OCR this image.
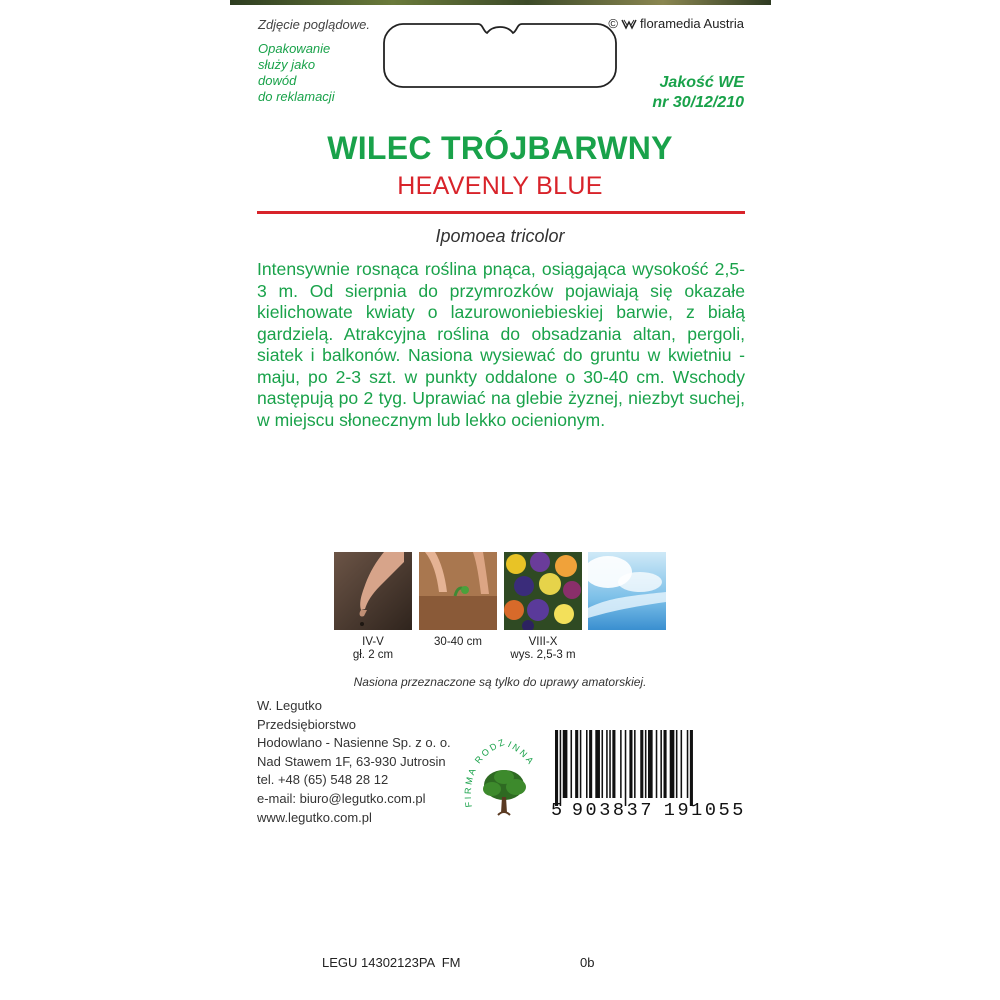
Zdjęcie poglądowe.	© floramedia Austria
Opakowanie
służy jako
dowód
do reklamacji
Jakość WE
nr 30/12/210
WILEC TRÓJBARWNY
HEAVENLY BLUE
Ipomoea tricolor
Intensywnie rosnąca roślina pnąca, osiągająca wysokość 2,5-3 m. Od sierpnia do przymrozków pojawiają się okazałe kielichowate kwiaty o lazurowoniebieskiej barwie, z białą gardzielą. Atrakcyjna roślina do obsadzania altan, pergoli, siatek i balkonów. Nasiona wysiewać do gruntu w kwietniu - maju, po 2-3 szt. w punkty oddalone o 30-40 cm. Wschody następują po 2 tyg. Uprawiać na glebie żyznej, niezbyt suchej, w miejscu słonecznym lub lekko ocienionym.
IV-V
gł. 2 cm
30-40 cm	VIII-X
wys. 2,5-3 m
Nasiona przeznaczone są tylko do uprawy amatorskiej.
W. Legutko
Przedsiębiorstwo
Hodowlano - Nasienne Sp. z o. o.
Nad Stawem 1F, 63-930 Jutrosin
tel. +48 (65) 548 28 12
e-mail: biuro@legutko.com.pl
www.legutko.com.pl
FIRMA RODZINNA
5 903837 191055
LEGU 14302123PA  FM	0b
